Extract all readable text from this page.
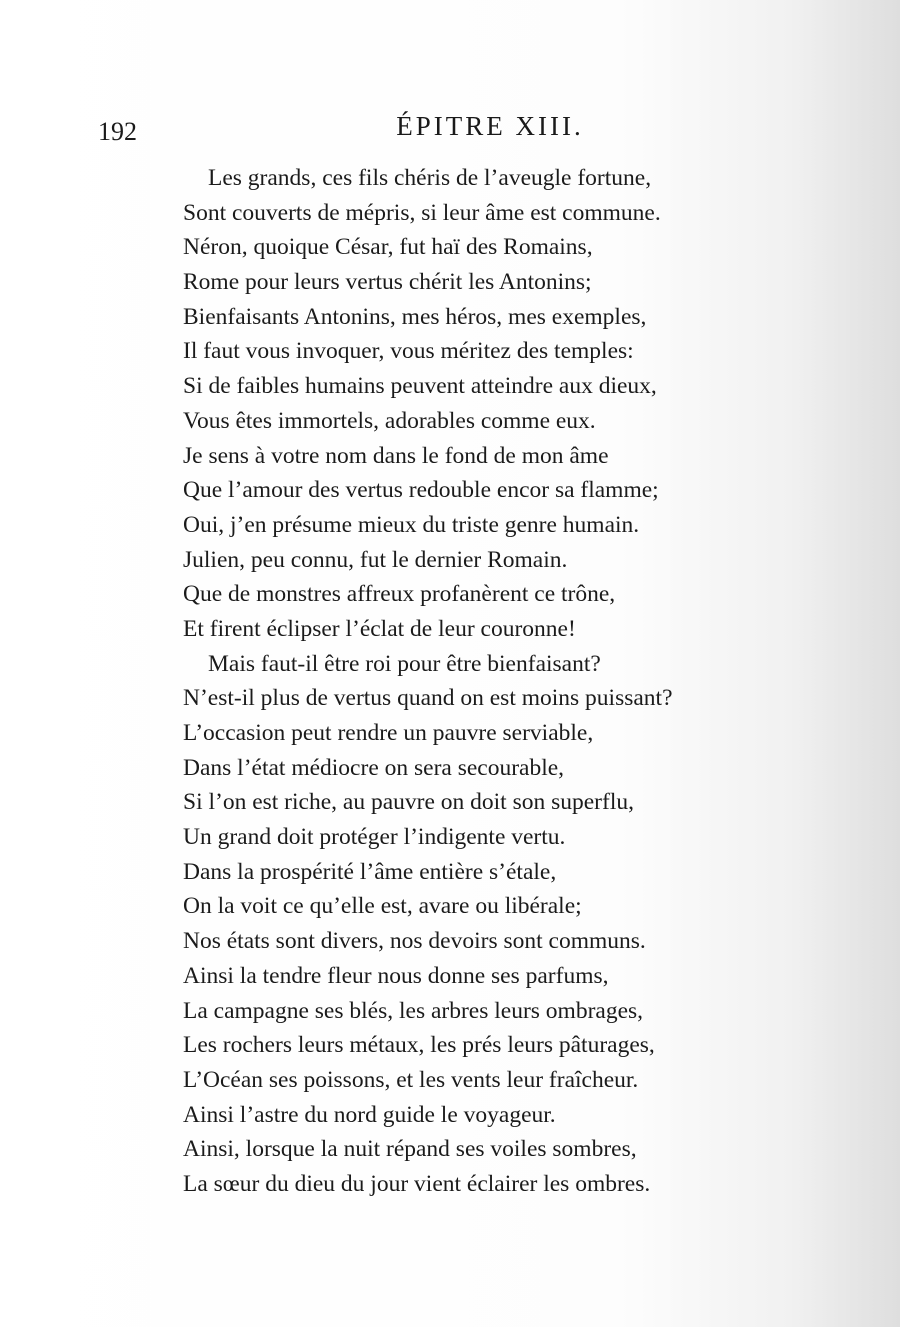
192	ÉPITRE XIII.
Les grands, ces fils chéris de l’aveugle fortune,
Sont couverts de mépris, si leur âme est commune.
Néron, quoique César, fut haï des Romains,
Rome pour leurs vertus chérit les Antonins;
Bienfaisants Antonins, mes héros, mes exemples,
Il faut vous invoquer, vous méritez des temples:
Si de faibles humains peuvent atteindre aux dieux,
Vous êtes immortels, adorables comme eux.
Je sens à votre nom dans le fond de mon âme
Que l’amour des vertus redouble encor sa flamme;
Oui, j’en présume mieux du triste genre humain.
Julien, peu connu, fut le dernier Romain.
Que de monstres affreux profanèrent ce trône,
Et firent éclipser l’éclat de leur couronne!
Mais faut-il être roi pour être bienfaisant?
N’est-il plus de vertus quand on est moins puissant?
L’occasion peut rendre un pauvre serviable,
Dans l’état médiocre on sera secourable,
Si l’on est riche, au pauvre on doit son superflu,
Un grand doit protéger l’indigente vertu.
Dans la prospérité l’âme entière s’étale,
On la voit ce qu’elle est, avare ou libérale;
Nos états sont divers, nos devoirs sont communs.
Ainsi la tendre fleur nous donne ses parfums,
La campagne ses blés, les arbres leurs ombrages,
Les rochers leurs métaux, les prés leurs pâturages,
L’Océan ses poissons, et les vents leur fraîcheur.
Ainsi l’astre du nord guide le voyageur.
Ainsi, lorsque la nuit répand ses voiles sombres,
La sœur du dieu du jour vient éclairer les ombres.
